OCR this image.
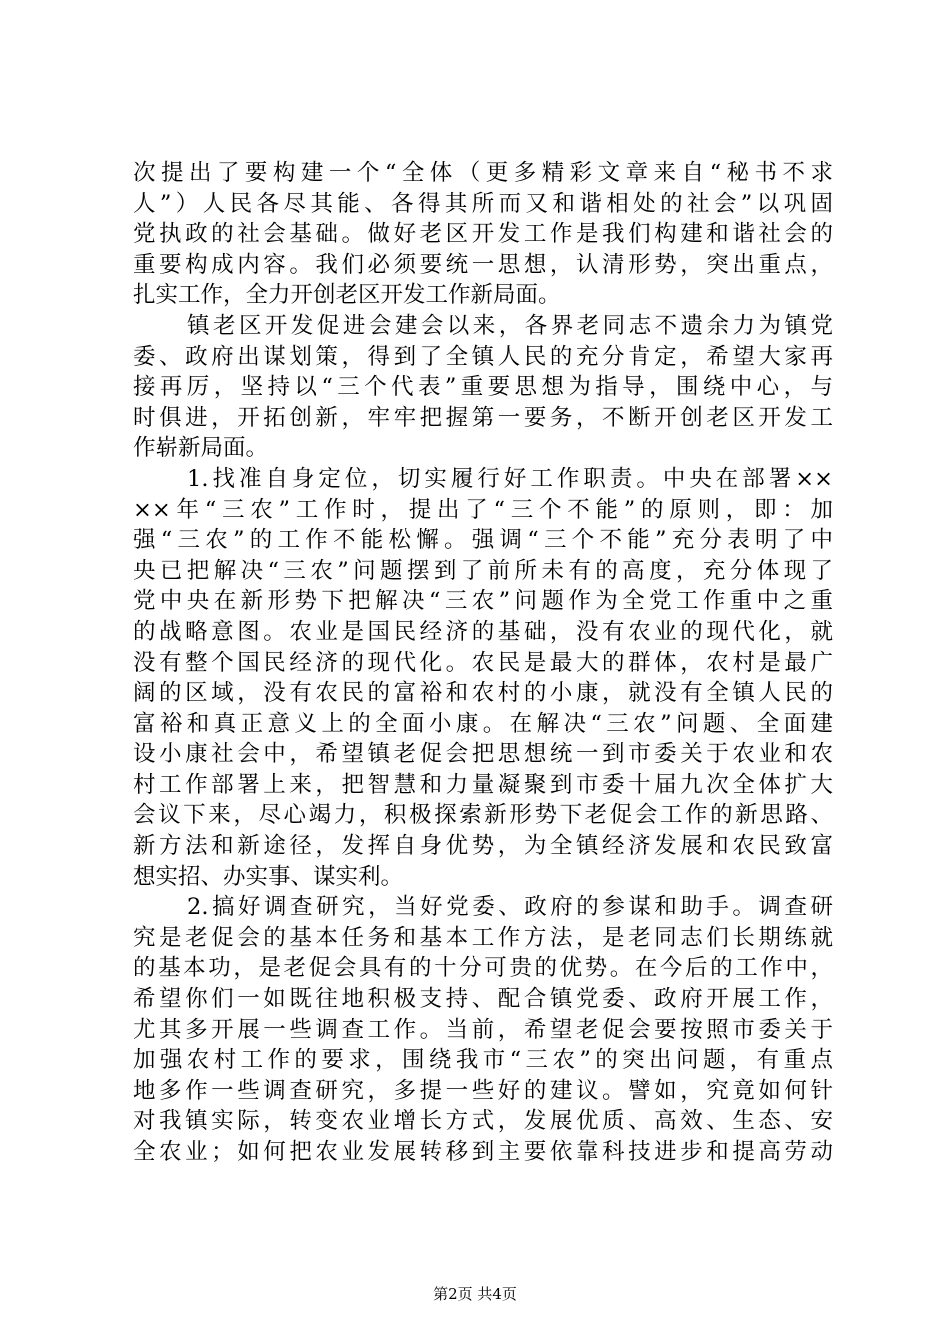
次提出了要构建一个“全体（更多精彩文章来自“秘书不求
人”）人民各尽其能、各得其所而又和谐相处的社会”以巩固
党执政的社会基础。做好老区开发工作是我们构建和谐社会的
重要构成内容。我们必须要统一思想，认清形势，突出重点，
扎实工作，全力开创老区开发工作新局面。
镇老区开发促进会建会以来，各界老同志不遗余力为镇党
委、政府出谋划策，得到了全镇人民的充分肯定，希望大家再
接再厉，坚持以“三个代表”重要思想为指导，围绕中心，与
时俱进，开拓创新，牢牢把握第一要务，不断开创老区开发工
作崭新局面。
1.找准自身定位，切实履行好工作职责。中央在部署××
××年“三农”工作时，提出了“三个不能”的原则，即：加
强“三农”的工作不能松懈。强调“三个不能”充分表明了中
央已把解决“三农”问题摆到了前所未有的高度，充分体现了
党中央在新形势下把解决“三农”问题作为全党工作重中之重
的战略意图。农业是国民经济的基础，没有农业的现代化，就
没有整个国民经济的现代化。农民是最大的群体，农村是最广
阔的区域，没有农民的富裕和农村的小康，就没有全镇人民的
富裕和真正意义上的全面小康。在解决“三农”问题、全面建
设小康社会中，希望镇老促会把思想统一到市委关于农业和农
村工作部署上来，把智慧和力量凝聚到市委十届九次全体扩大
会议下来，尽心竭力，积极探索新形势下老促会工作的新思路、
新方法和新途径，发挥自身优势，为全镇经济发展和农民致富
想实招、办实事、谋实利。
2.搞好调查研究，当好党委、政府的参谋和助手。调查研
究是老促会的基本任务和基本工作方法，是老同志们长期练就
的基本功，是老促会具有的十分可贵的优势。在今后的工作中，
希望你们一如既往地积极支持、配合镇党委、政府开展工作，
尤其多开展一些调查工作。当前，希望老促会要按照市委关于
加强农村工作的要求，围绕我市“三农”的突出问题，有重点
地多作一些调查研究，多提一些好的建议。譬如，究竟如何针
对我镇实际，转变农业增长方式，发展优质、高效、生态、安
全农业；如何把农业发展转移到主要依靠科技进步和提高劳动
第2页 共4页
